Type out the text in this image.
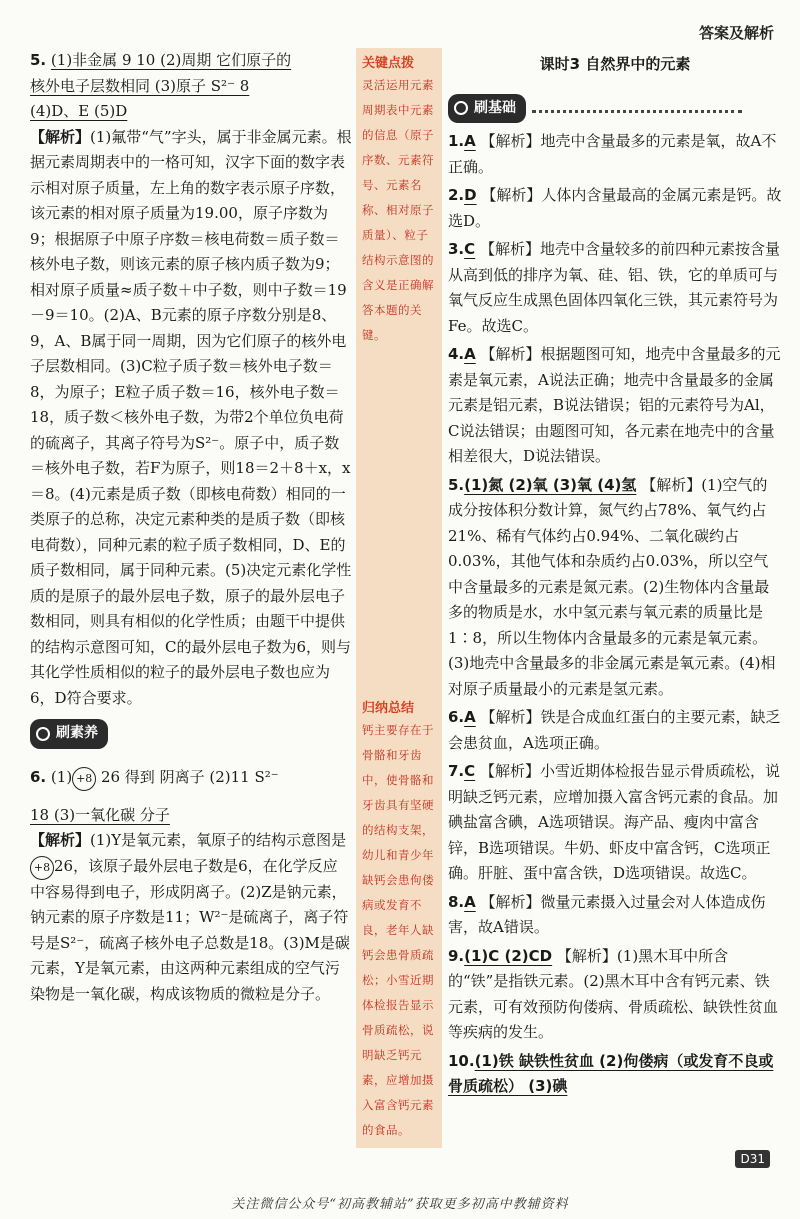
答案及解析

5. (1)非金属 9 10 (2)周期 它们原子的

核外电子层数相同 (3)原子 S²⁻ 8

(4)D、E (5)D

【解析】(1)氟带“气”字头，属于非金属元素。根据元素周期表中的一格可知，汉字下面的数字表示相对原子质量，左上角的数字表示原子序数，该元素的相对原子质量为19.00，原子序数为9；根据原子中原子序数＝核电荷数＝质子数＝核外电子数，则该元素的原子核内质子数为9；相对原子质量≈质子数＋中子数，则中子数＝19－9＝10。(2)A、B元素的原子序数分别是8、9，A、B属于同一周期，因为它们原子的核外电子层数相同。(3)C粒子质子数＝核外电子数＝8，为原子；E粒子质子数＝16，核外电子数＝18，质子数＜核外电子数，为带2个单位负电荷的硫离子，其离子符号为S²⁻。原子中，质子数＝核外电子数，若F为原子，则18＝2＋8＋x，x＝8。(4)元素是质子数（即核电荷数）相同的一类原子的总称，决定元素种类的是质子数（即核电荷数），同种元素的粒子质子数相同，D、E的质子数相同，属于同种元素。(5)决定元素化学性质的是原子的最外层电子数，原子的最外层电子数相同，则具有相似的化学性质；由题干中提供的结构示意图可知，C的最外层电子数为6，则与其化学性质相似的粒子的最外层电子数也应为6，D符合要求。

刷素养

6. (1) +8 26 得到 阴离子 (2)11 S²⁻

18 (3)一氧化碳 分子

【解析】(1)Y是氧元素，氧原子的结构示意图是 +8 26，该原子最外层电子数是6，在化学反应中容易得到电子，形成阴离子。(2)Z是钠元素，钠元素的原子序数是11；W²⁻是硫离子，离子符号是S²⁻，硫离子核外电子总数是18。(3)M是碳元素，Y是氧元素，由这两种元素组成的空气污染物是一氧化碳，构成该物质的微粒是分子。

关键点拨
灵活运用元素周期表中元素的信息（原子序数、元素符号、元素名称、相对原子质量）、粒子结构示意图的含义是正确解答本题的关键。
归纳总结
钙主要存在于骨骼和牙齿中，使骨骼和牙齿具有坚硬的结构支架，幼儿和青少年缺钙会患佝偻病或发育不良，老年人缺钙会患骨质疏松；小雪近期体检报告显示骨质疏松，说明缺乏钙元素，应增加摄入富含钙元素的食品。
课时3 自然界中的元素
刷基础

1.A 【解析】地壳中含量最多的元素是氧，故A不正确。

2.D 【解析】人体内含量最高的金属元素是钙。故选D。

3.C 【解析】地壳中含量较多的前四种元素按含量从高到低的排序为氧、硅、铝、铁，它的单质可与氧气反应生成黑色固体四氧化三铁，其元素符号为Fe。故选C。

4.A 【解析】根据题图可知，地壳中含量最多的元素是氧元素，A说法正确；地壳中含量最多的金属元素是铝元素，B说法错误；铝的元素符号为Al，C说法错误；由题图可知，各元素在地壳中的含量相差很大，D说法错误。

5.(1)氮 (2)氧 (3)氧 (4)氢 【解析】(1)空气的成分按体积分数计算，氮气约占78%、氧气约占21%、稀有气体约占0.94%、二氧化碳约占0.03%，其他气体和杂质约占0.03%，所以空气中含量最多的元素是氮元素。(2)生物体内含量最多的物质是水，水中氢元素与氧元素的质量比是1∶8，所以生物体内含量最多的元素是氧元素。(3)地壳中含量最多的非金属元素是氧元素。(4)相对原子质量最小的元素是氢元素。

6.A 【解析】铁是合成血红蛋白的主要元素，缺乏会患贫血，A选项正确。

7.C 【解析】小雪近期体检报告显示骨质疏松，说明缺乏钙元素，应增加摄入富含钙元素的食品。加碘盐富含碘，A选项错误。海产品、瘦肉中富含锌，B选项错误。牛奶、虾皮中富含钙，C选项正确。肝脏、蛋中富含铁，D选项错误。故选C。

8.A 【解析】微量元素摄入过量会对人体造成伤害，故A错误。

9.(1)C (2)CD 【解析】(1)黑木耳中所含的“铁”是指铁元素。(2)黑木耳中含有钙元素、铁元素，可有效预防佝偻病、骨质疏松、缺铁性贫血等疾病的发生。

10.(1)铁 缺铁性贫血 (2)佝偻病（或发育不良或骨质疏松） (3)碘

D31
关注微信公众号“初高教辅站”获取更多初高中教辅资料
